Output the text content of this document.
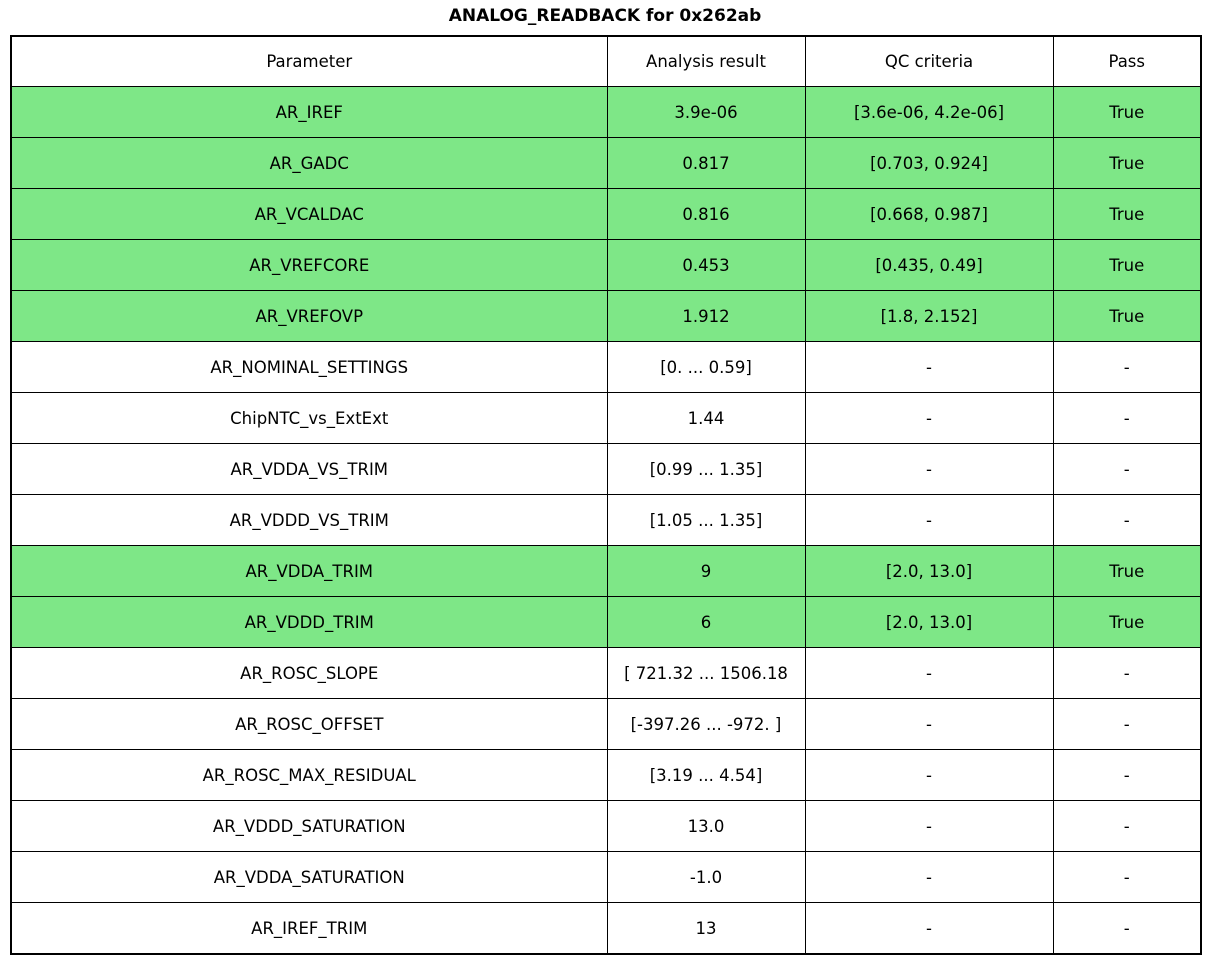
ANALOG_READBACK for 0x262ab
Parameter	Analysis result	QC criteria	Pass
AR_IREF	3.9e-06	[3.6e-06, 4.2e-06]	True
AR_GADC	0.817	[0.703, 0.924]	True
AR_VCALDAC	0.816	[0.668, 0.987]	True
AR_VREFCORE	0.453	[0.435, 0.49]	True
AR_VREFOVP	1.912	[1.8, 2.152]	True
AR_NOMINAL_SETTINGS	[0. ... 0.59]	-	-
ChipNTC_vs_ExtExt	1.44	-	-
AR_VDDA_VS_TRIM	[0.99 ... 1.35]	-	-
AR_VDDD_VS_TRIM	[1.05 ... 1.35]	-	-
AR_VDDA_TRIM	9	[2.0, 13.0]	True
AR_VDDD_TRIM	6	[2.0, 13.0]	True
AR_ROSC_SLOPE	[ 721.32 ... 1506.18	-	-
AR_ROSC_OFFSET	[-397.26 ... -972. ]	-	-
AR_ROSC_MAX_RESIDUAL	[3.19 ... 4.54]	-	-
AR_VDDD_SATURATION	13.0	-	-
AR_VDDA_SATURATION	-1.0	-	-
AR_IREF_TRIM	13	-	-
